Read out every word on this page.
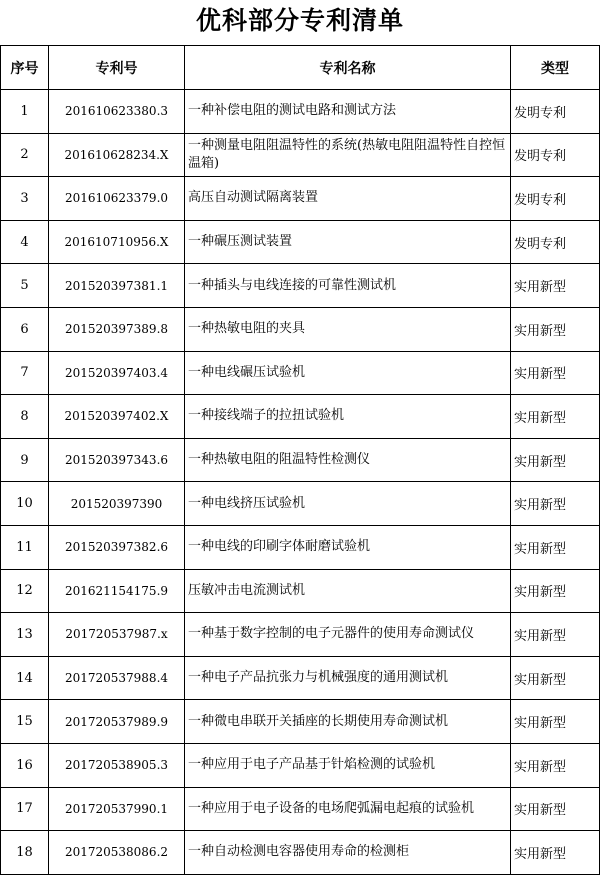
优科部分专利清单
序号	专利号	专利名称	类型
1	201610623380.3	一种补偿电阻的测试电路和测试方法	发明专利
2	201610628234.X	一种测量电阻阻温特性的系统(热敏电阻阻温特性自控恒温箱)	发明专利
3	201610623379.0	高压自动测试隔离装置	发明专利
4	201610710956.X	一种碾压测试装置	发明专利
5	201520397381.1	一种插头与电线连接的可靠性测试机	实用新型
6	201520397389.8	一种热敏电阻的夹具	实用新型
7	201520397403.4	一种电线碾压试验机	实用新型
8	201520397402.X	一种接线端子的拉扭试验机	实用新型
9	201520397343.6	一种热敏电阻的阻温特性检测仪	实用新型
10	201520397390	一种电线挤压试验机	实用新型
11	201520397382.6	一种电线的印刷字体耐磨试验机	实用新型
12	201621154175.9	压敏冲击电流测试机	实用新型
13	201720537987.x	一种基于数字控制的电子元器件的使用寿命测试仪	实用新型
14	201720537988.4	一种电子产品抗张力与机械强度的通用测试机	实用新型
15	201720537989.9	一种微电串联开关插座的长期使用寿命测试机	实用新型
16	201720538905.3	一种应用于电子产品基于针焰检测的试验机	实用新型
17	201720537990.1	一种应用于电子设备的电场爬弧漏电起痕的试验机	实用新型
18	201720538086.2	一种自动检测电容器使用寿命的检测柜	实用新型
